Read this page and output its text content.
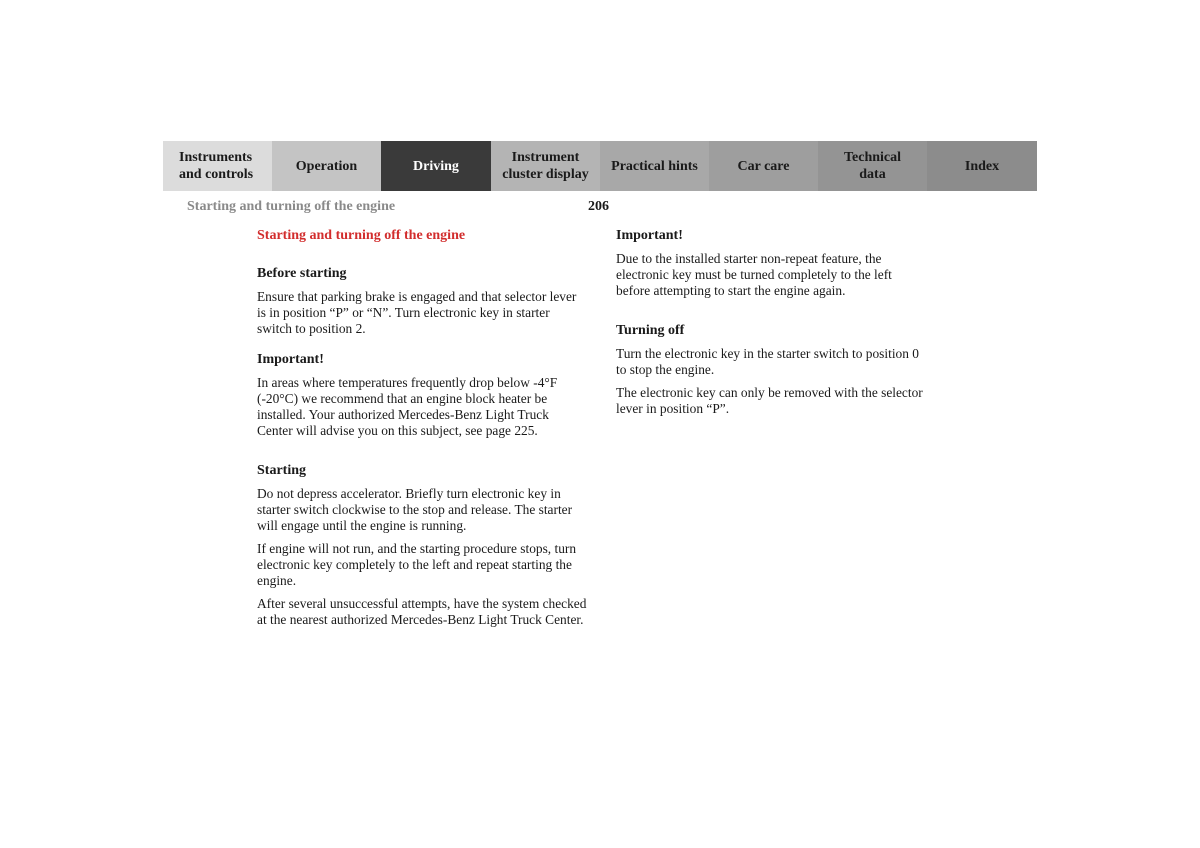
Instruments
and controls
Operation	Driving
Instrument
cluster display
Practical hints	Car care
Technical
data
Index
Starting and turning off the engine	206
Starting and turning off the engine
Before starting
Ensure that parking brake is engaged and that selector lever is in position “P” or “N”. Turn electronic key in starter switch to position 2.
Important!
In areas where temperatures frequently drop below -4°F (-20°C) we recommend that an engine block heater be installed. Your authorized Mercedes-Benz Light Truck Center will advise you on this subject, see page 225.
Starting
Do not depress accelerator. Briefly turn electronic key in starter switch clockwise to the stop and release. The starter will engage until the engine is running.
If engine will not run, and the starting procedure stops, turn electronic key completely to the left and repeat starting the engine.
After several unsuccessful attempts, have the system checked at the nearest authorized Mercedes-Benz Light Truck Center.
Important!
Due to the installed starter non-repeat feature, the electronic key must be turned completely to the left before attempting to start the engine again.
Turning off
Turn the electronic key in the starter switch to position 0 to stop the engine.
The electronic key can only be removed with the selector lever in position “P”.
